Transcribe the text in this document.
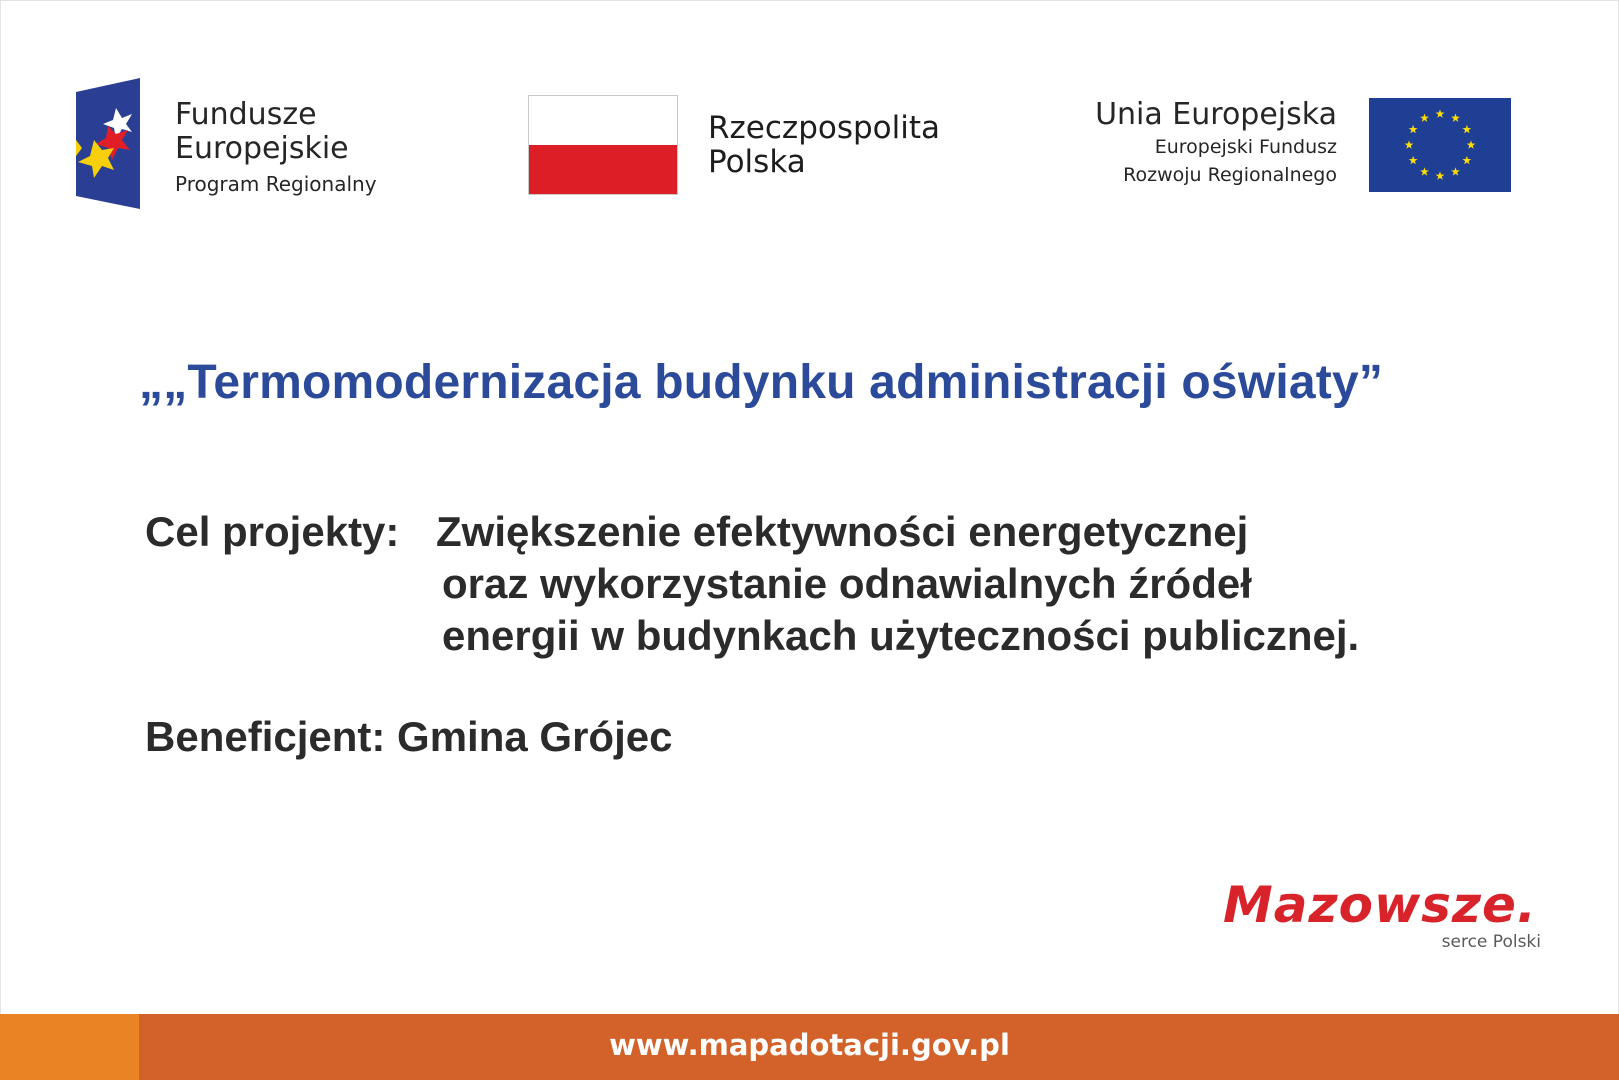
Fundusze
Europejskie
Program Regionalny
Rzeczpospolita
Polska
Unia Europejska
Europejski Fundusz
Rozwoju Regionalnego
„„Termomodernizacja budynku administracji oświaty”
Cel projekty: Zwiększenie efektywności energetycznej
oraz wykorzystanie odnawialnych źródeł
energii w budynkach użyteczności publicznej.
Beneficjent: Gmina Grójec
Mazowsze.
serce Polski
www.mapadotacji.gov.pl
